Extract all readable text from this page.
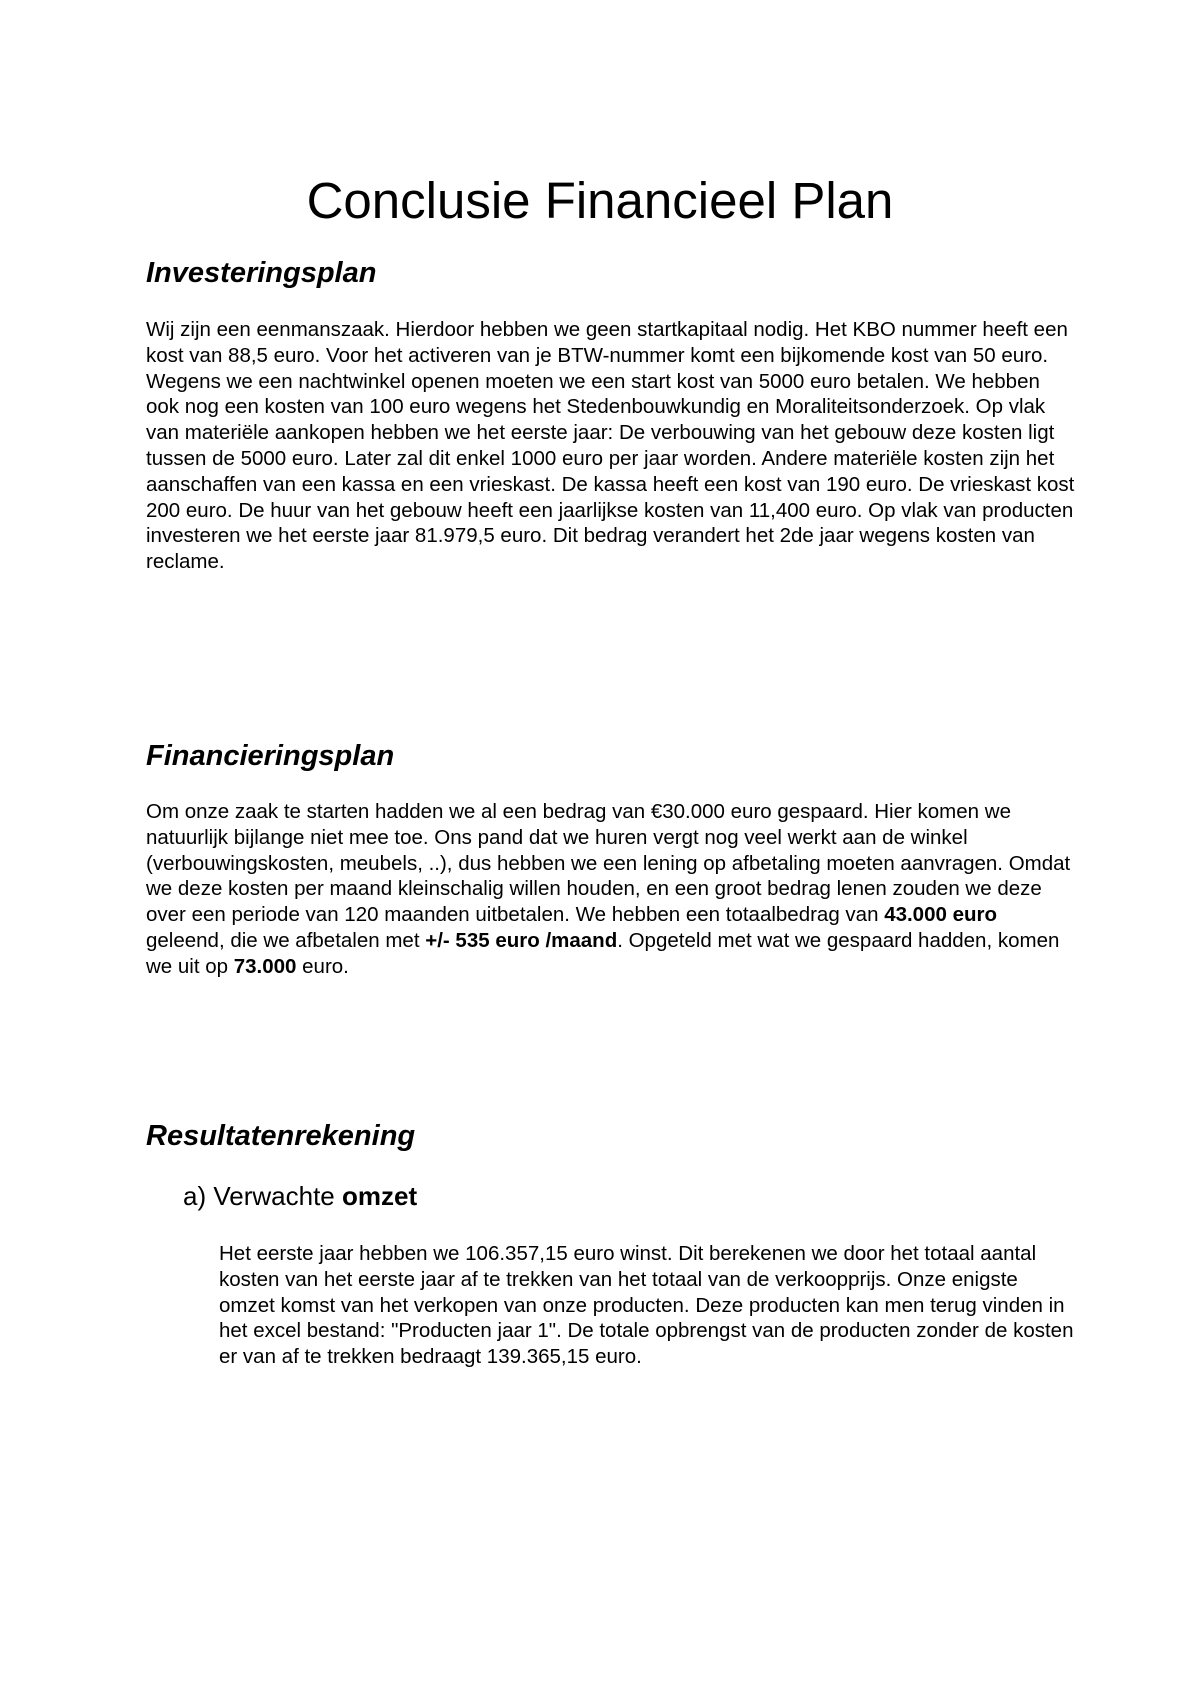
Conclusie Financieel Plan
Investeringsplan

Wij zijn een eenmanszaak. Hierdoor hebben we geen startkapitaal nodig. Het KBO nummer heeft een kost van 88,5 euro. Voor het activeren van je BTW-nummer komt een bijkomende kost van 50 euro. Wegens we een nachtwinkel openen moeten we een start kost van 5000 euro betalen. We hebben ook nog een kosten van 100 euro wegens het Stedenbouwkundig en Moraliteitsonderzoek. Op vlak van materiële aankopen hebben we het eerste jaar: De verbouwing van het gebouw deze kosten ligt tussen de 5000 euro. Later zal dit enkel 1000 euro per jaar worden. Andere materiële kosten zijn het aanschaffen van een kassa en een vrieskast. De kassa heeft een kost van 190 euro. De vrieskast kost 200 euro. De huur van het gebouw heeft een jaarlijkse kosten van 11,400 euro. Op vlak van producten investeren we het eerste jaar 81.979,5 euro. Dit bedrag verandert het 2de jaar wegens kosten van reclame.

Financieringsplan

Om onze zaak te starten hadden we al een bedrag van €30.000 euro gespaard. Hier komen we natuurlijk bijlange niet mee toe. Ons pand dat we huren vergt nog veel werkt aan de winkel (verbouwingskosten, meubels, ..), dus hebben we een lening op afbetaling moeten aanvragen. Omdat we deze kosten per maand kleinschalig willen houden, en een groot bedrag lenen zouden we deze over een periode van 120 maanden uitbetalen. We hebben een totaalbedrag van 43.000 euro geleend, die we afbetalen met +/- 535 euro /maand. Opgeteld met wat we gespaard hadden, komen we uit op 73.000 euro.

Resultatenrekening
a) Verwachte omzet

Het eerste jaar hebben we 106.357,15 euro winst. Dit berekenen we door het totaal aantal kosten van het eerste jaar af te trekken van het totaal van de verkoopprijs. Onze enigste omzet komst van het verkopen van onze producten. Deze producten kan men terug vinden in het excel bestand: "Producten jaar 1". De totale opbrengst van de producten zonder de kosten er van af te trekken bedraagt 139.365,15 euro.
